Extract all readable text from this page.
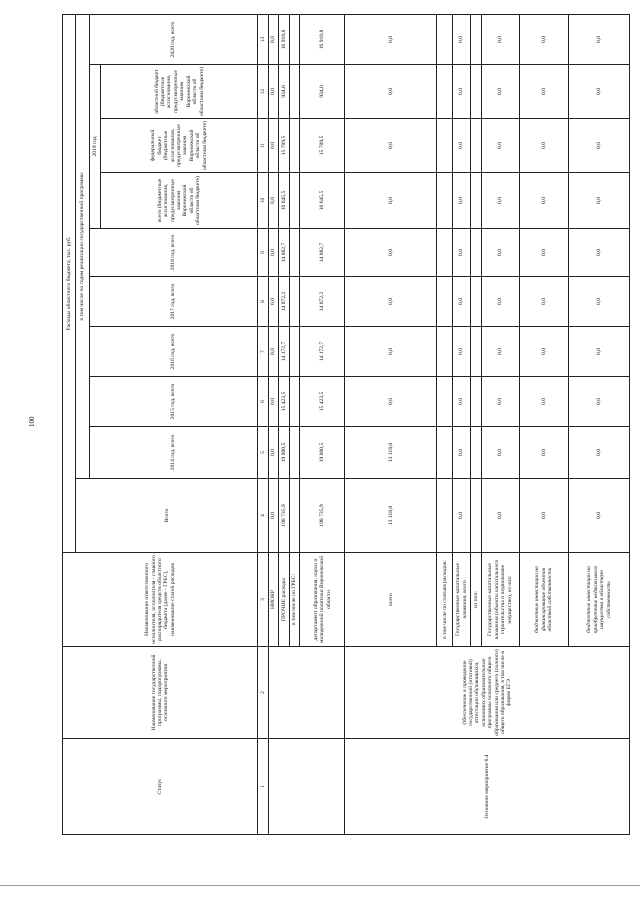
100
Статус	Наименование государственной программы, подпрограммы, основного мероприятия	Наименование ответственного исполнителя, исполнителя - главного распорядителя средств областного бюджета (далее - ГРБС), наименование статей расходов	Расходы областного бюджета, тыс. руб.									
			Всего	в том числе по годам реализации государственной программы								
				2014 год, всего	2015 год, всего	2016 год, всего	2017 год, всего	2018 год, всего	2019 год			2020 год, всего
									всего (бюджетные ассигнования, предусмотренные законом Воронежской области об областном бюджете)	федеральный бюджет (бюджетные ассигнования, предусмотренные законом Воронежской области об областном бюджете)	областной бюджет (бюджетные ассигнования, предусмотренные законом Воронежской области об областном бюджете)	
1	2	3	4	5	6	7	8	9	10	11	12	13
		НИОКР	0,0	0,0	0,0	0,0	0,0	0,0	0,0	0,0	0,0	0,0
		ПРОЧИЕ расходы	198 735,9	19 800,5	15 423,5	14 172,7	14 872,2	14 882,7	16 645,5	15 709,5	934,0	16 918,8
		в том числе по ГРБС:										
		департамент образования, науки и молодежной политики Воронежской области	198 735,9	19 800,5	15 423,5	14 172,7	14 872,2	14 882,7	16 645,5	15 709,5	934,0	16 918,8
Основное мероприятие 6.4	Обеспечение и проведение государственной (итоговой) аттестации обучающихся, освоивших образовательные программы основного общего образования или среднего (полного) общего образования, в том числе в форме ЕГЭ	всего	13 118,0	13 118,0	0,0	0,0	0,0	0,0	0,0	0,0	0,0	0,0
		в том числе по статьям расходов:										
		Государственные капитальные вложения, всего	0,0	0,0	0,0	0,0	0,0	0,0	0,0	0,0	0,0	0,0
		из них:										
		Государственные капитальные вложения (объекты капитального строительства и недвижимое имущество), из них:	0,0	0,0	0,0	0,0	0,0	0,0	0,0	0,0	0,0	0,0
		бюджетные инвестиции на финансирование объектов областной собственности	0,0	0,0	0,0	0,0	0,0	0,0	0,0	0,0	0,0	0,0
		бюджетные инвестиции на приобретение недвижимого имущества в областную собственность	0,0	0,0	0,0	0,0	0,0	0,0	0,0	0,0	0,0	0,0
